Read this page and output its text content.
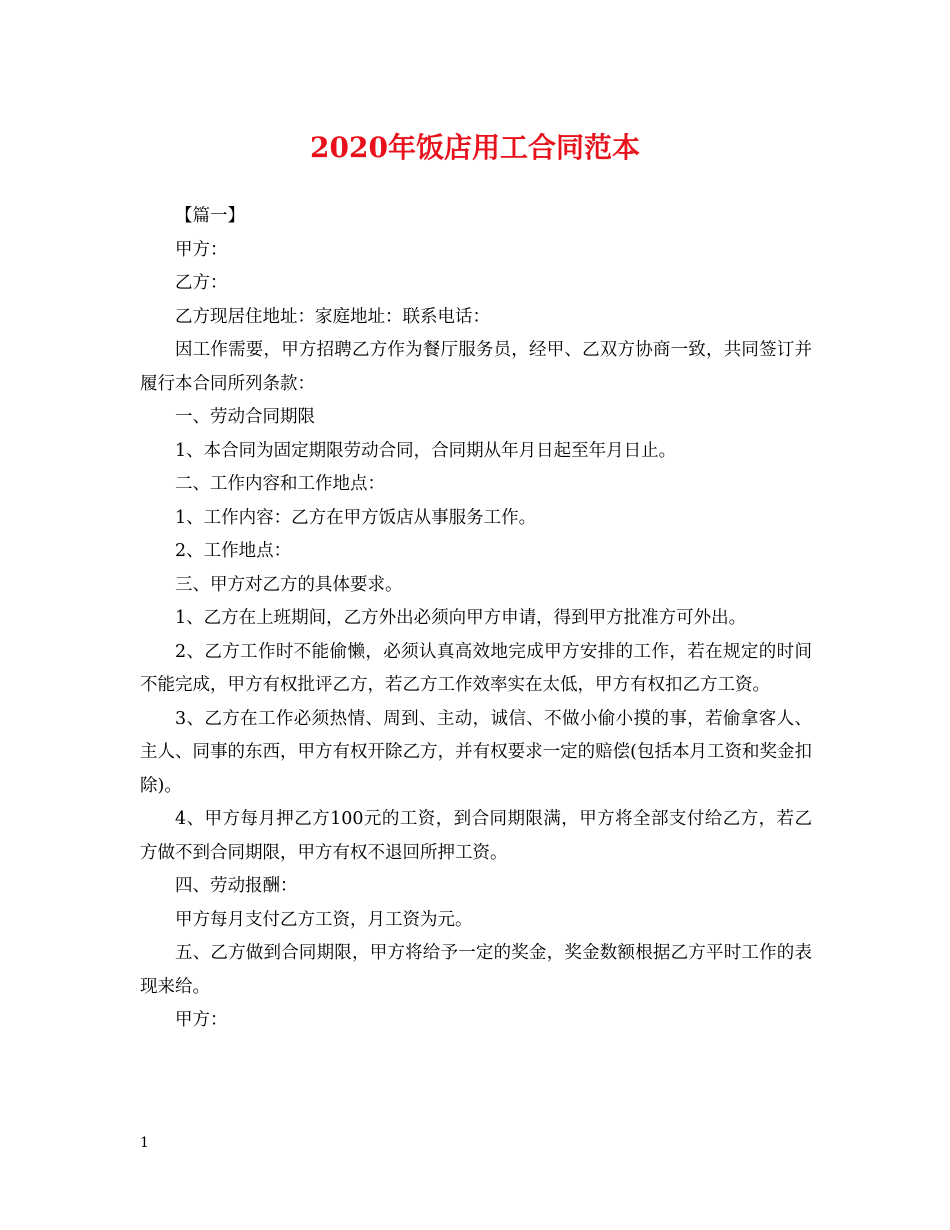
2020年饭店用工合同范本

【篇一】

甲方：

乙方：

乙方现居住地址：家庭地址：联系电话：

因工作需要，甲方招聘乙方作为餐厅服务员，经甲、乙双方协商一致，共同签订并履行本合同所列条款：

一、劳动合同期限

1、本合同为固定期限劳动合同，合同期从年月日起至年月日止。

二、工作内容和工作地点：

1、工作内容：乙方在甲方饭店从事服务工作。

2、工作地点：

三、甲方对乙方的具体要求。

1、乙方在上班期间，乙方外出必须向甲方申请，得到甲方批准方可外出。

2、乙方工作时不能偷懒，必须认真高效地完成甲方安排的工作，若在规定的时间不能完成，甲方有权批评乙方，若乙方工作效率实在太低，甲方有权扣乙方工资。

3、乙方在工作必须热情、周到、主动，诚信、不做小偷小摸的事，若偷拿客人、主人、同事的东西，甲方有权开除乙方，并有权要求一定的赔偿(包括本月工资和奖金扣除)。

4、甲方每月押乙方100元的工资，到合同期限满，甲方将全部支付给乙方，若乙方做不到合同期限，甲方有权不退回所押工资。

四、劳动报酬：

甲方每月支付乙方工资，月工资为元。

五、乙方做到合同期限，甲方将给予一定的奖金，奖金数额根据乙方平时工作的表现来给。

甲方：

1
